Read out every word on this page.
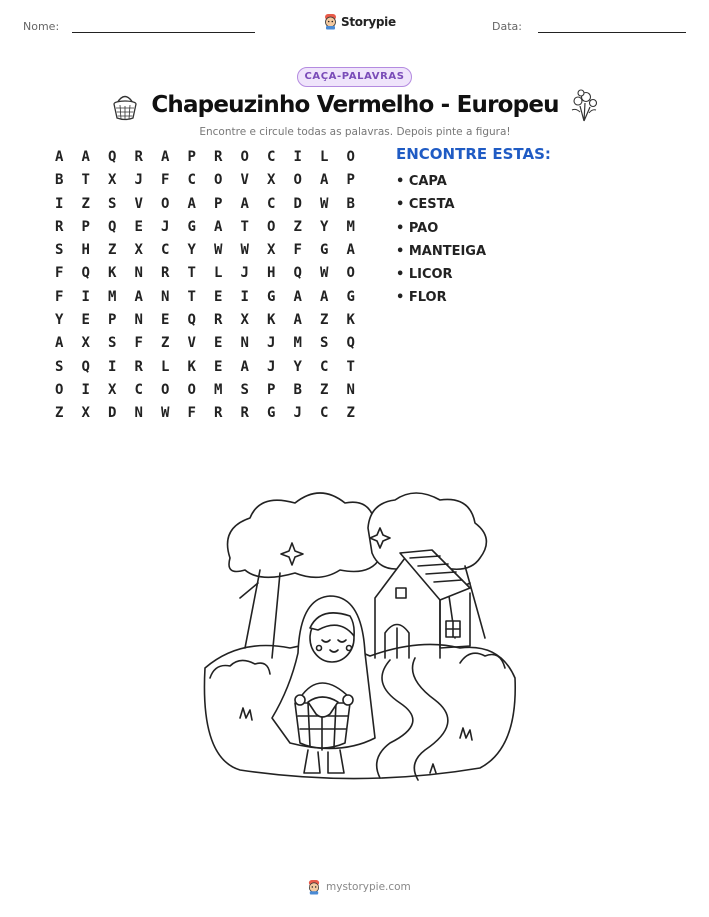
Nome:	Storypie	Data:
CAÇA-PALAVRAS
Chapeuzinho Vermelho - Europeu
Encontre e circule todas as palavras. Depois pinte a figura!
A	A	Q	R	A	P	R	O	C	I	L	O
B	T	X	J	F	C	O	V	X	O	A	P
I	Z	S	V	O	A	P	A	C	D	W	B
R	P	Q	E	J	G	A	T	O	Z	Y	M
S	H	Z	X	C	Y	W	W	X	F	G	A
F	Q	K	N	R	T	L	J	H	Q	W	O
F	I	M	A	N	T	E	I	G	A	A	G
Y	E	P	N	E	Q	R	X	K	A	Z	K
A	X	S	F	Z	V	E	N	J	M	S	Q
S	Q	I	R	L	K	E	A	J	Y	C	T
O	I	X	C	O	O	M	S	P	B	Z	N
Z	X	D	N	W	F	R	R	G	J	C	Z
ENCONTRE ESTAS:
• CAPA
• CESTA
• PAO
• MANTEIGA
• LICOR
• FLOR
mystorypie.com
